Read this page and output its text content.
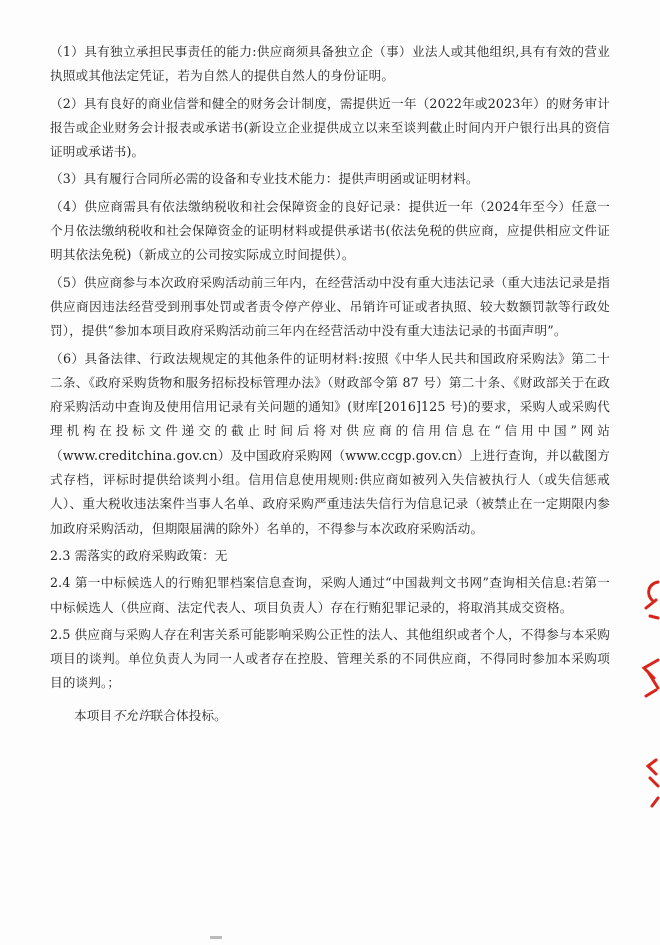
（1）具有独立承担民事责任的能力:供应商须具备独立企（事）业法人或其他组织,具有有效的营业执照或其他法定凭证，若为自然人的提供自然人的身份证明。

（2）具有良好的商业信誉和健全的财务会计制度，需提供近一年（2022年或2023年）的财务审计报告或企业财务会计报表或承诺书(新设立企业提供成立以来至谈判截止时间内开户银行出具的资信证明或承诺书)。

（3）具有履行合同所必需的设备和专业技术能力：提供声明函或证明材料。

（4）供应商需具有依法缴纳税收和社会保障资金的良好记录：提供近一年（2024年至今）任意一个月依法缴纳税收和社会保障资金的证明材料或提供承诺书(依法免税的供应商，应提供相应文件证明其依法免税)（新成立的公司按实际成立时间提供）。

（5）供应商参与本次政府采购活动前三年内，在经营活动中没有重大违法记录（重大违法记录是指供应商因违法经营受到刑事处罚或者责令停产停业、吊销许可证或者执照、较大数额罚款等行政处罚），提供“参加本项目政府采购活动前三年内在经营活动中没有重大违法记录的书面声明”。

（6）具备法律、行政法规规定的其他条件的证明材料:按照《中华人民共和国政府采购法》第二十二条、《政府采购货物和服务招标投标管理办法》（财政部令第 87 号）第二十条、《财政部关于在政府采购活动中查询及使用信用记录有关问题的通知》(财库[2016]125 号)的要求，采购人或采购代理机构在投标文件递交的截止时间后将对供应商的信用信息在“信用中国”网站（www.creditchina.gov.cn）及中国政府采购网（www.ccgp.gov.cn）上进行查询，并以截图方式存档，评标时提供给谈判小组。信用信息使用规则:供应商如被列入失信被执行人（或失信惩戒人）、重大税收违法案件当事人名单、政府采购严重违法失信行为信息记录（被禁止在一定期限内参加政府采购活动，但期限届满的除外）名单的，不得参与本次政府采购活动。

2.3 需落实的政府采购政策：无

2.4 第一中标候选人的行贿犯罪档案信息查询，采购人通过“中国裁判文书网”查询相关信息:若第一中标候选人（供应商、法定代表人、项目负责人）存在行贿犯罪记录的，将取消其成交资格。

2.5 供应商与采购人存在利害关系可能影响采购公正性的法人、其他组织或者个人，不得参与本采购项目的谈判。单位负责人为同一人或者存在控股、管理关系的不同供应商，不得同时参加本采购项目的谈判。；

本项目不允许联合体投标。
